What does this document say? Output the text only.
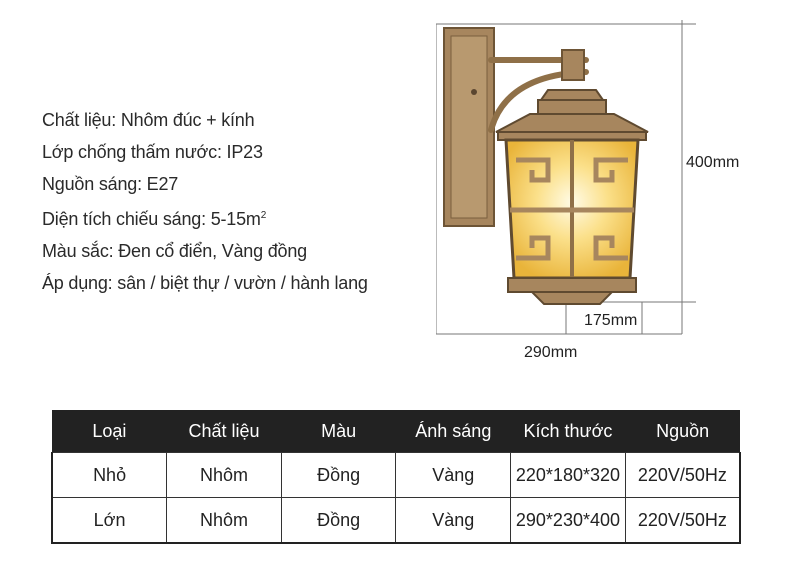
Chất liệu: Nhôm đúc + kính
Lớp chống thấm nước: IP23
Nguồn sáng: E27
Diện tích chiếu sáng: $5-15m^2$
Màu sắc: Đen cổ điển, Vàng đồng
Áp dụng: sân / biệt thự / vườn / hành lang
400mm
175mm
290mm
Loại	Chất liệu	Màu	Ánh sáng	Kích thước	Nguồn
Nhỏ	Nhôm	Đồng	Vàng	220*180*320	220V/50Hz
Lớn	Nhôm	Đồng	Vàng	290*230*400	220V/50Hz
